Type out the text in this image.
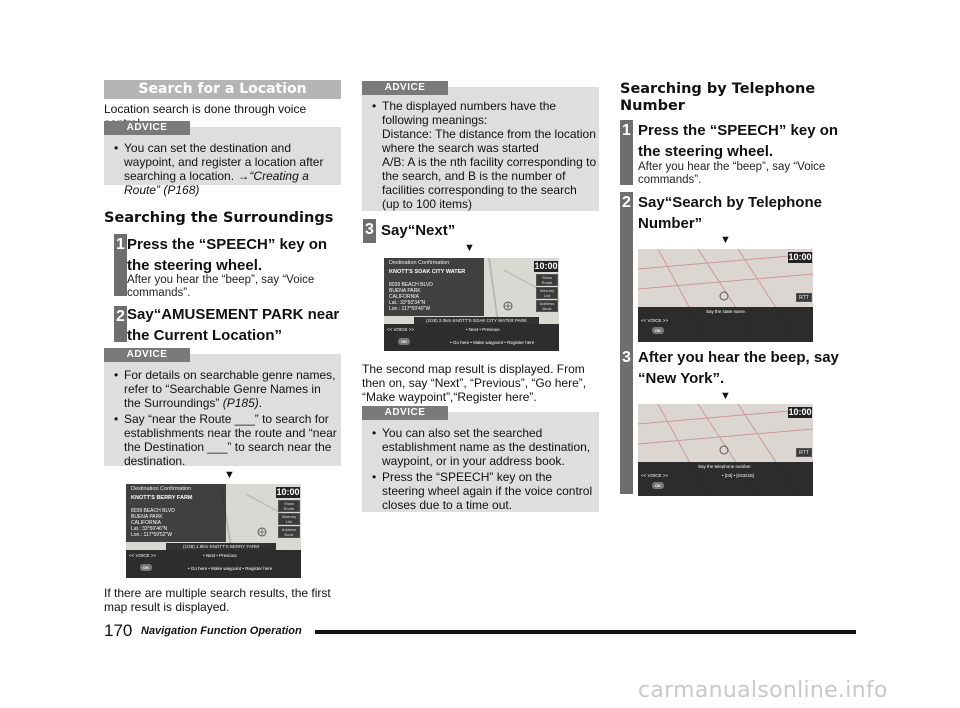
Search for a Location
Location search is done through voice
ADVICE
• You can set the destination and waypoint, and register a location after searching a location. →“Creating a Route” (P168)
Searching the Surroundings
1 Press the “SPEECH” key on the steering wheel.
After you hear the “beep”, say “Voice commands”.
2 Say“AMUSEMENT PARK near the Current Location”
ADVICE
• For details on searchable genre names, refer to “Searchable Genre Names in the Surroundings” (P185).
• Say “near the Route ___” to search for establishments near the route and “near the Destination ___” to search near the destination.
▼
Destination Confirmation
KNOTT'S BERRY FARM
8039 BEACH BLVD
BUENA PARK
CALIFORNIA
Lat.: 33°50'46"N
Lon.: 117°59'52"W
10:00
Show Route
Itinerary List
Address Book
(1/28) 1.8km KNOTT'S BERRY FARM
<< VOICE >>
OK
• Next • Previous
• Go here • Make waypoint • Register here
If there are multiple search results, the first map result is displayed.
ADVICE
• The displayed numbers have the following meanings:
Distance: The distance from the location where the search was started
A/B: A is the nth facility corresponding to the search, and B is the number of facilities corresponding to the search (up to 100 items)
3 Say“Next”
▼
Destination Confirmation
KNOTT'S SOAK CITY WATER
8039 BEACH BLVD
BUENA PARK
CALIFORNIA
Lat.: 33°50'34"N
Lon.: 117°59'40"W
10:00
Show Route
Itinerary List
Address Book
(2/28) 2.0km KNOTT'S SOAK CITY WATER PARK
<< VOICE >>
OK
• Next • Previous
• Go here • Make waypoint • Register here
The second map result is displayed. From then on, say “Next”, “Previous”, “Go here”, “Make waypoint”,“Register here”.
ADVICE
• You can also set the searched establishment name as the destination, waypoint, or in your address book.
• Press the “SPEECH” key on the steering wheel again if the voice control closes due to a time out.
Searching by Telephone Number
1 Press the “SPEECH” key on the steering wheel.
After you hear the “beep”, say “Voice commands”.
2 Say“Search by Telephone Number”
▼
10:00
RTT
Say the state name.
<< VOICE >>
OK
After you hear the beep, say “New York”.
3
▼
10:00
RTT
Say the telephone number.
<< VOICE >>	• [03] • [033218]
OK
170 Navigation Function Operation
carmanualsonline.info
